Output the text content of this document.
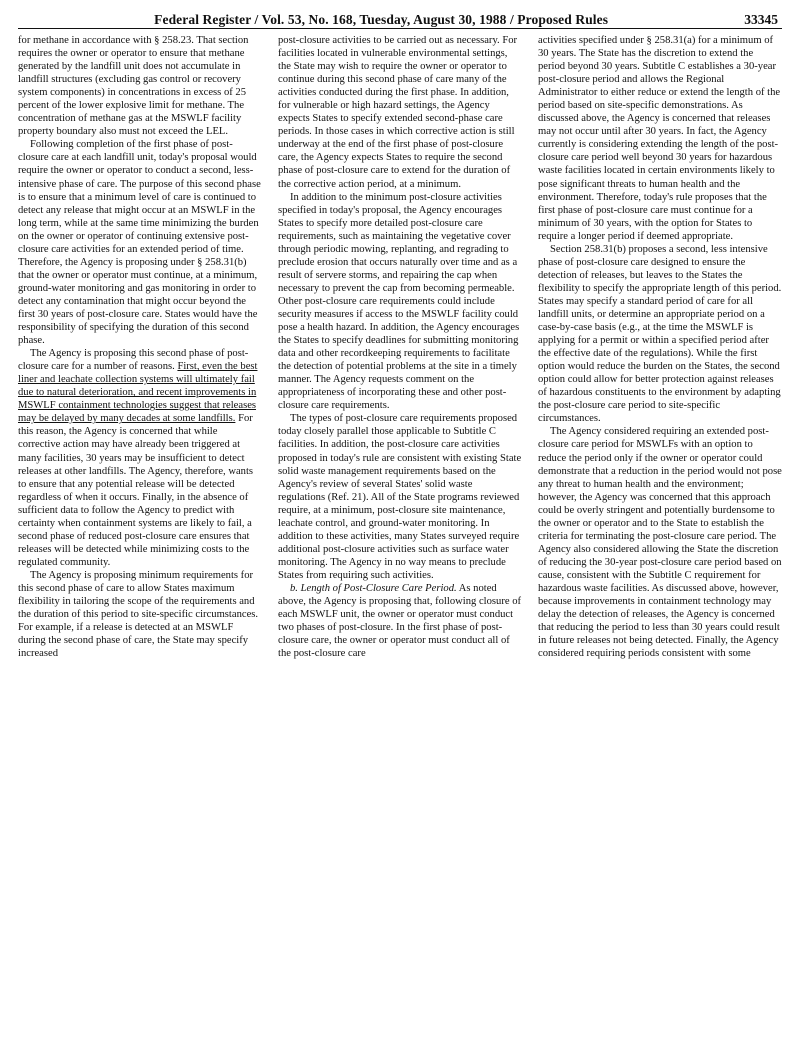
Federal Register / Vol. 53, No. 168, Tuesday, August 30, 1988 / Proposed Rules	33345

for methane in accordance with § 258.23. That section requires the owner or operator to ensure that methane generated by the landfill unit does not accumulate in landfill structures (excluding gas control or recovery system components) in concentrations in excess of 25 percent of the lower explosive limit for methane. The concentration of methane gas at the MSWLF facility property boundary also must not exceed the LEL.

Following completion of the first phase of post-closure care at each landfill unit, today's proposal would require the owner or operator to conduct a second, less-intensive phase of care. The purpose of this second phase is to ensure that a minimum level of care is continued to detect any release that might occur at an MSWLF in the long term, while at the same time minimizing the burden on the owner or operator of continuing extensive post-closure care activities for an extended period of time. Therefore, the Agency is proposing under § 258.31(b) that the owner or operator must continue, at a minimum, ground-water monitoring and gas monitoring in order to detect any contamination that might occur beyond the first 30 years of post-closure care. States would have the responsibility of specifying the duration of this second phase.

The Agency is proposing this second phase of post-closure care for a number of reasons. First, even the best liner and leachate collection systems will ultimately fail due to natural deterioration, and recent improvements in MSWLF containment technologies suggest that releases may be delayed by many decades at some landfills. For this reason, the Agency is concerned that while corrective action may have already been triggered at many facilities, 30 years may be insufficient to detect releases at other landfills. The Agency, therefore, wants to ensure that any potential release will be detected regardless of when it occurs. Finally, in the absence of sufficient data to follow the Agency to predict with certainty when containment systems are likely to fail, a second phase of reduced post-closure care ensures that releases will be detected while minimizing costs to the regulated community.

The Agency is proposing minimum requirements for this second phase of care to allow States maximum flexibility in tailoring the scope of the requirements and the duration of this period to site-specific circumstances. For example, if a release is detected at an MSWLF during the second phase of care, the State may specify increased

post-closure activities to be carried out as necessary. For facilities located in vulnerable environmental settings, the State may wish to require the owner or operator to continue during this second phase of care many of the activities conducted during the first phase. In addition, for vulnerable or high hazard settings, the Agency expects States to specify extended second-phase care periods. In those cases in which corrective action is still underway at the end of the first phase of post-closure care, the Agency expects States to require the second phase of post-closure care to extend for the duration of the corrective action period, at a minimum.

In addition to the minimum post-closure activities specified in today's proposal, the Agency encourages States to specify more detailed post-closure care requirements, such as maintaining the vegetative cover through periodic mowing, replanting, and regrading to preclude erosion that occurs naturally over time and as a result of servere storms, and repairing the cap when necessary to prevent the cap from becoming permeable. Other post-closure care requirements could include security measures if access to the MSWLF facility could pose a health hazard. In addition, the Agency encourages the States to specify deadlines for submitting monitoring data and other recordkeeping requirements to facilitate the detection of potential problems at the site in a timely manner. The Agency requests comment on the appropriateness of incorporating these and other post-closure care requirements.

The types of post-closure care requirements proposed today closely parallel those applicable to Subtitle C facilities. In addition, the post-closure care activities proposed in today's rule are consistent with existing State solid waste management requirements based on the Agency's review of several States' solid waste regulations (Ref. 21). All of the State programs reviewed require, at a minimum, post-closure site maintenance, leachate control, and ground-water monitoring. In addition to these activities, many States surveyed require additional post-closure activities such as surface water monitoring. The Agency in no way means to preclude States from requiring such activities.

b. Length of Post-Closure Care Period. As noted above, the Agency is proposing that, following closure of each MSWLF unit, the owner or operator must conduct two phases of post-closure. In the first phase of post-closure care, the owner or operator must conduct all of the post-closure care

activities specified under § 258.31(a) for a minimum of 30 years. The State has the discretion to extend the period beyond 30 years. Subtitle C establishes a 30-year post-closure period and allows the Regional Administrator to either reduce or extend the length of the period based on site-specific demonstrations. As discussed above, the Agency is concerned that releases may not occur until after 30 years. In fact, the Agency currently is considering extending the length of the post-closure care period well beyond 30 years for hazardous waste facilities located in certain environments likely to pose significant threats to human health and the environment. Therefore, today's rule proposes that the first phase of post-closure care must continue for a minimum of 30 years, with the option for States to require a longer period if deemed appropriate.

Section 258.31(b) proposes a second, less intensive phase of post-closure care designed to ensure the detection of releases, but leaves to the States the flexibility to specify the appropriate length of this period. States may specify a standard period of care for all landfill units, or determine an appropriate period on a case-by-case basis (e.g., at the time the MSWLF is applying for a permit or within a specified period after the effective date of the regulations). While the first option would reduce the burden on the States, the second option could allow for better protection against releases of hazardous constituents to the environment by adapting the post-closure care period to site-specific circumstances.

The Agency considered requiring an extended post-closure care period for MSWLFs with an option to reduce the period only if the owner or operator could demonstrate that a reduction in the period would not pose any threat to human health and the environment; however, the Agency was concerned that this approach could be overly stringent and potentially burdensome to the owner or operator and to the State to establish the criteria for terminating the post-closure care period. The Agency also considered allowing the State the discretion of reducing the 30-year post-closure care period based on cause, consistent with the Subtitle C requirement for hazardous waste facilities. As discussed above, however, because improvements in containment technology may delay the detection of releases, the Agency is concerned that reducing the period to less than 30 years could result in future releases not being detected. Finally, the Agency considered requiring periods consistent with some
